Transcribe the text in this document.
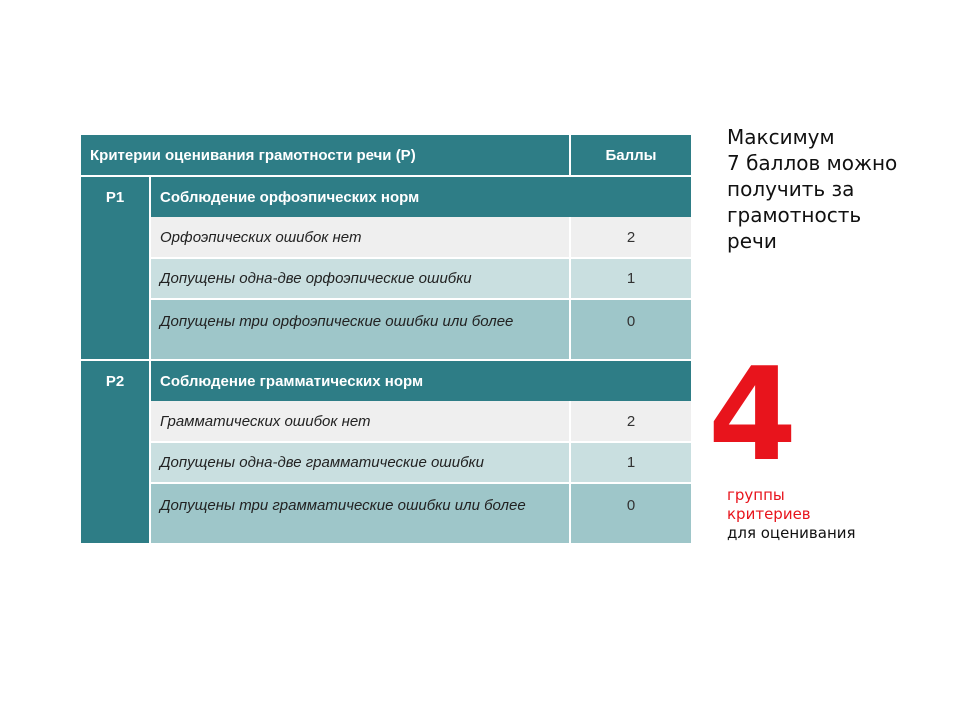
Критерии оценивания грамотности речи (Р)		Баллы
Р1	Соблюдение орфоэпических норм	
	Орфоэпических ошибок нет	2
	Допущены одна-две орфоэпические ошибки	1
	Допущены три орфоэпические ошибки или более	0
Р2	Соблюдение грамматических норм	
	Грамматических ошибок нет	2
	Допущены одна-две грамматические ошибки	1
	Допущены три грамматические ошибки или более	0
Максимум
7 баллов можно
получить за
грамотность
речи
4
группы
критериев
для оценивания
